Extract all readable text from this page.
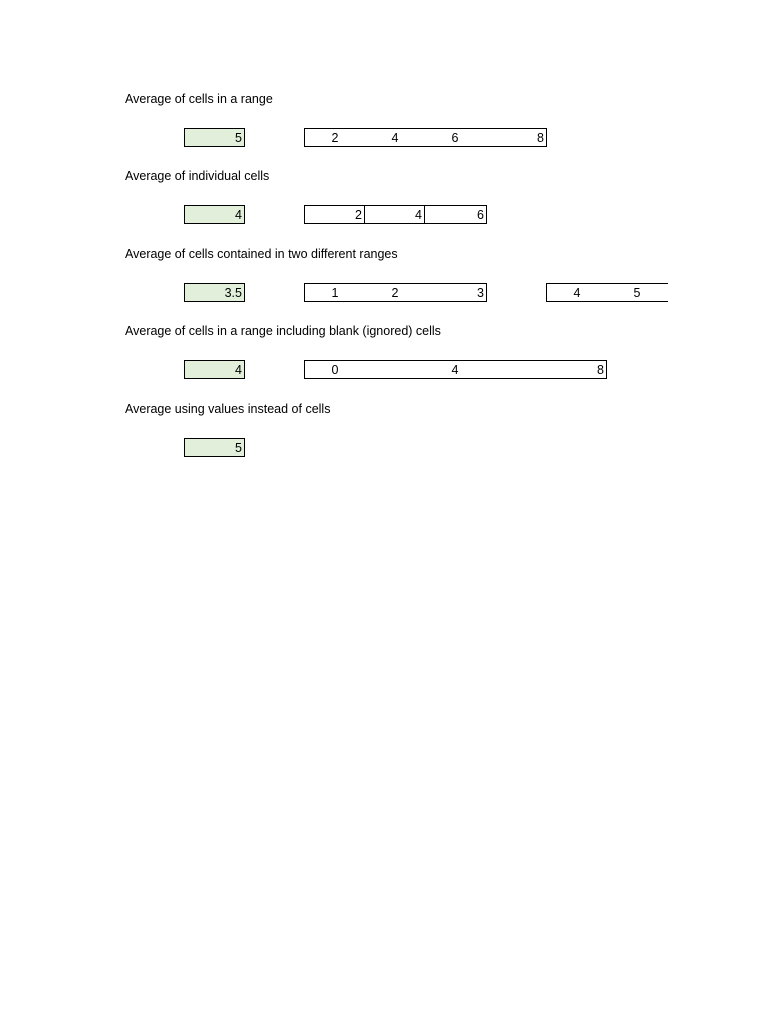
Average of cells in a range
5	2	4	6	8
Average of individual cells
4	2	4	6
Average of cells contained in two different ranges
3.5	1	2	3	4	5
Average of cells in a range including blank (ignored) cells
4	0	4	8
Average using values instead of cells
5
